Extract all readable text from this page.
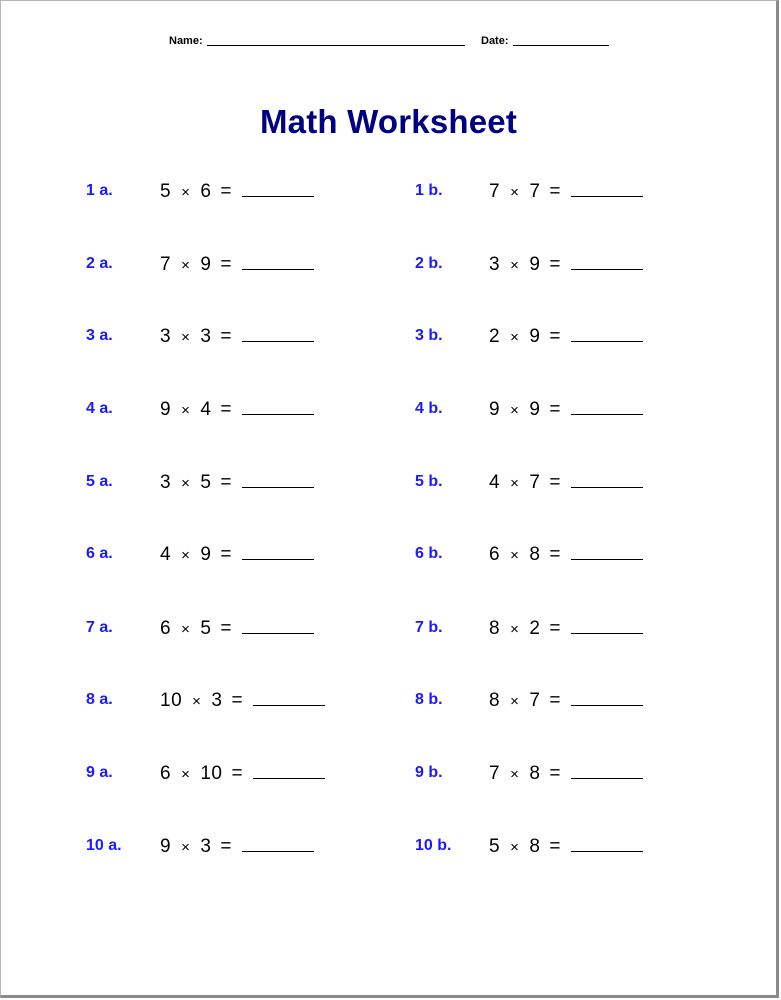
Name:	Date:
Math Worksheet
1 a. 5 × 6 =	1 b. 7 × 7 =
2 a. 7 × 9 =	2 b. 3 × 9 =
3 a. 3 × 3 =	3 b. 2 × 9 =
4 a. 9 × 4 =	4 b. 9 × 9 =
5 a. 3 × 5 =	5 b. 4 × 7 =
6 a. 4 × 9 =	6 b. 6 × 8 =
7 a. 6 × 5 =	7 b. 8 × 2 =
8 a. 10 × 3 =	8 b. 8 × 7 =
9 a. 6 × 10 =	9 b. 7 × 8 =
10 a. 9 × 3 =	10 b. 5 × 8 =
